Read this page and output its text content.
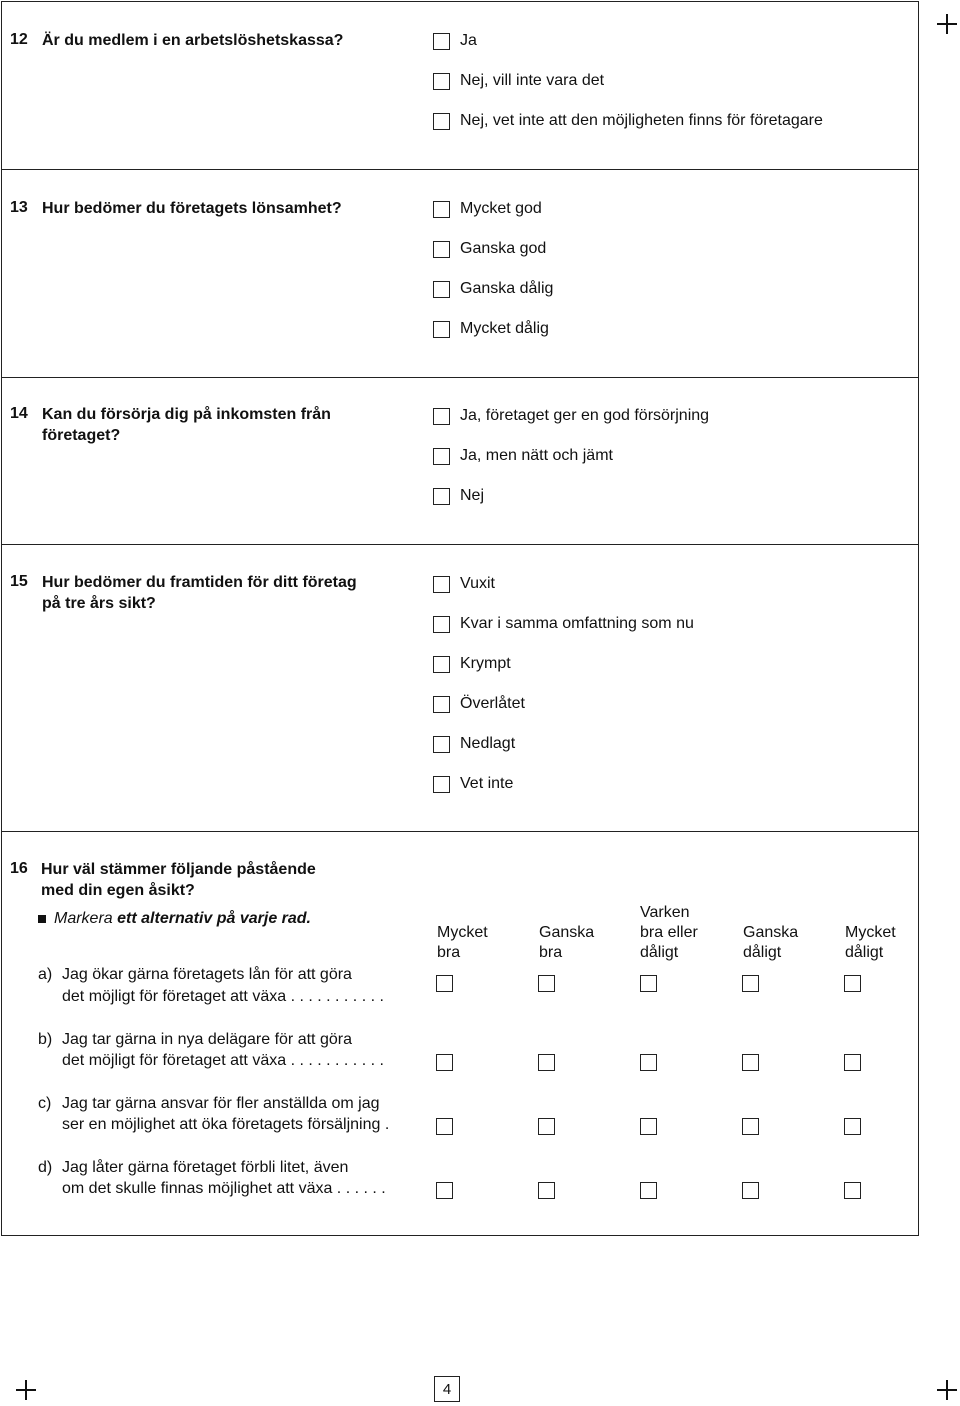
12 Är du medlem i en arbetslöshetskassa?	Ja
Nej, vill inte vara det
Nej, vet inte att den möjligheten finns för företagare
13 Hur bedömer du företagets lönsamhet?	Mycket god
Ganska god
Ganska dålig
Mycket dålig
14 Kan du försörja dig på inkomsten från
företaget?
Ja, företaget ger en god försörjning
Ja, men nätt och jämt
Nej
15 Hur bedömer du framtiden för ditt företag
på tre års sikt?
Vuxit
Kvar i samma omfattning som nu
Krympt
Överlåtet
Nedlagt
Vet inte
16 Hur väl stämmer följande påstående
med din egen åsikt?
Markera
ett alternativ på varje rad.
Mycket
bra
Ganska
bra
Varken
bra eller
dåligt
Ganska
dåligt
Mycket
dåligt
a) Jag ökar gärna företagets lån för att göra
det möjligt för företaget att växa . . . . . . . . . . .
b) Jag tar gärna in nya delägare för att göra
det möjligt för företaget att växa . . . . . . . . . . .
c) Jag tar gärna ansvar för fler anställda om jag
ser en möjlighet att öka företagets försäljning .
d) Jag låter gärna företaget förbli litet, även
om det skulle finnas möjlighet att växa . . . . . .
4
